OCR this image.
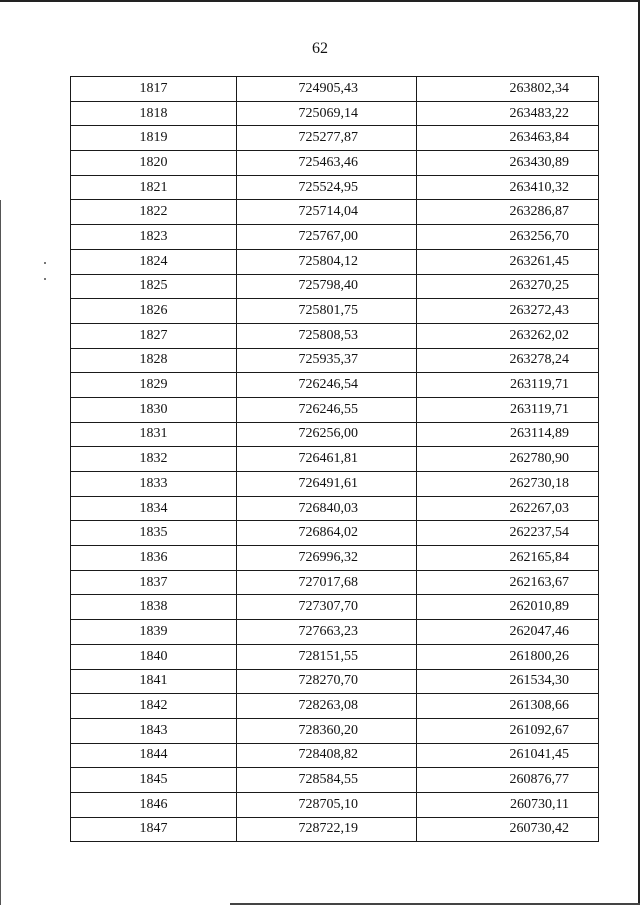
62
1817	724905,43	263802,34
1818	725069,14	263483,22
1819	725277,87	263463,84
1820	725463,46	263430,89
1821	725524,95	263410,32
1822	725714,04	263286,87
1823	725767,00	263256,70
1824	725804,12	263261,45
1825	725798,40	263270,25
1826	725801,75	263272,43
1827	725808,53	263262,02
1828	725935,37	263278,24
1829	726246,54	263119,71
1830	726246,55	263119,71
1831	726256,00	263114,89
1832	726461,81	262780,90
1833	726491,61	262730,18
1834	726840,03	262267,03
1835	726864,02	262237,54
1836	726996,32	262165,84
1837	727017,68	262163,67
1838	727307,70	262010,89
1839	727663,23	262047,46
1840	728151,55	261800,26
1841	728270,70	261534,30
1842	728263,08	261308,66
1843	728360,20	261092,67
1844	728408,82	261041,45
1845	728584,55	260876,77
1846	728705,10	260730,11
1847	728722,19	260730,42
